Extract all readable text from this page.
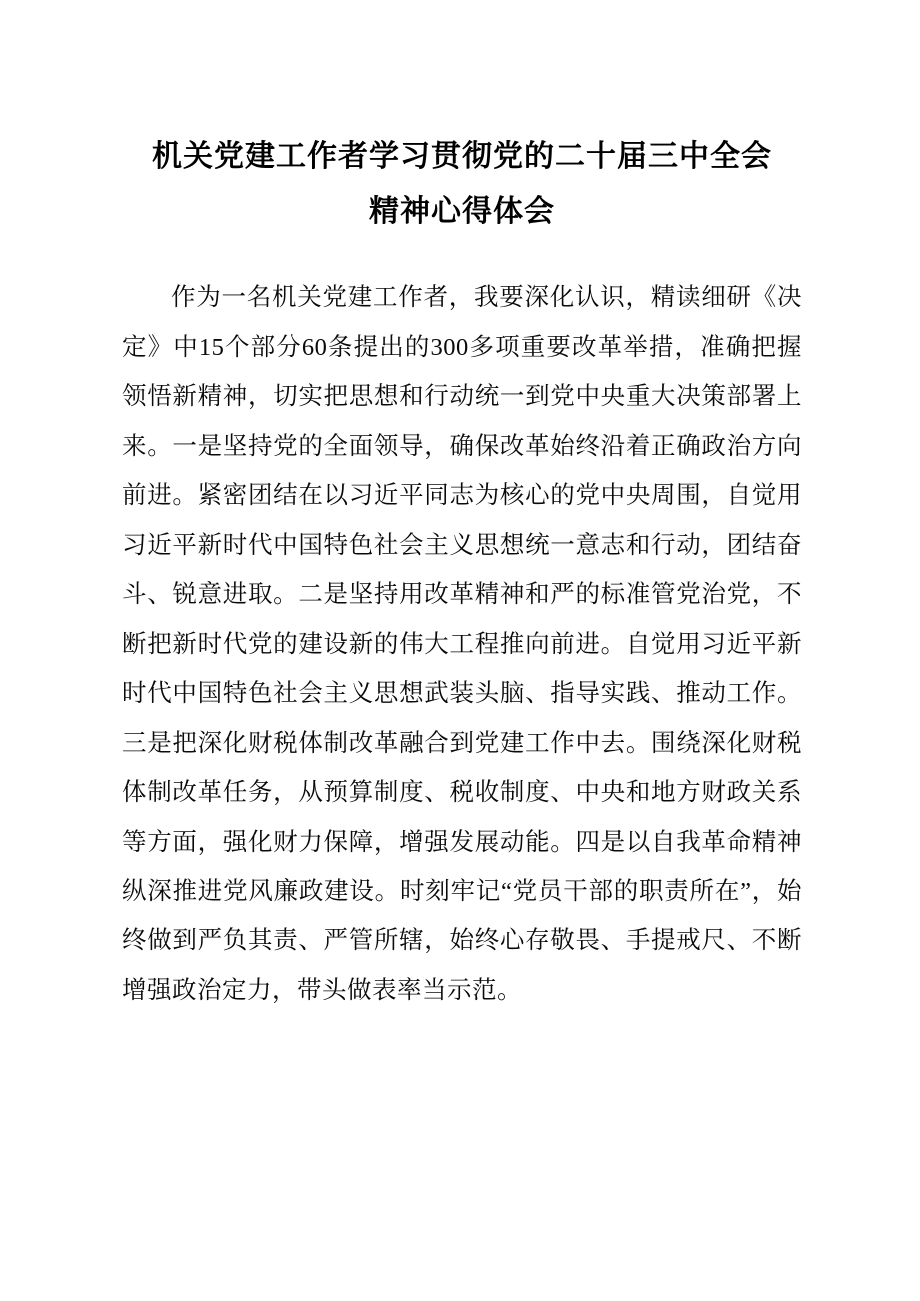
机关党建工作者学习贯彻党的二十届三中全会
精神心得体会

作为一名机关党建工作者，我要深化认识，精读细研《决定》中15个部分60条提出的300多项重要改革举措，准确把握领悟新精神，切实把思想和行动统一到党中央重大决策部署上来。一是坚持党的全面领导，确保改革始终沿着正确政治方向前进。紧密团结在以习近平同志为核心的党中央周围，自觉用习近平新时代中国特色社会主义思想统一意志和行动，团结奋斗、锐意进取。二是坚持用改革精神和严的标准管党治党，不断把新时代党的建设新的伟大工程推向前进。自觉用习近平新时代中国特色社会主义思想武装头脑、指导实践、推动工作。三是把深化财税体制改革融合到党建工作中去。围绕深化财税体制改革任务，从预算制度、税收制度、中央和地方财政关系等方面，强化财力保障，增强发展动能。四是以自我革命精神纵深推进党风廉政建设。时刻牢记“党员干部的职责所在”，始终做到严负其责、严管所辖，始终心存敬畏、手提戒尺、不断增强政治定力，带头做表率当示范。
